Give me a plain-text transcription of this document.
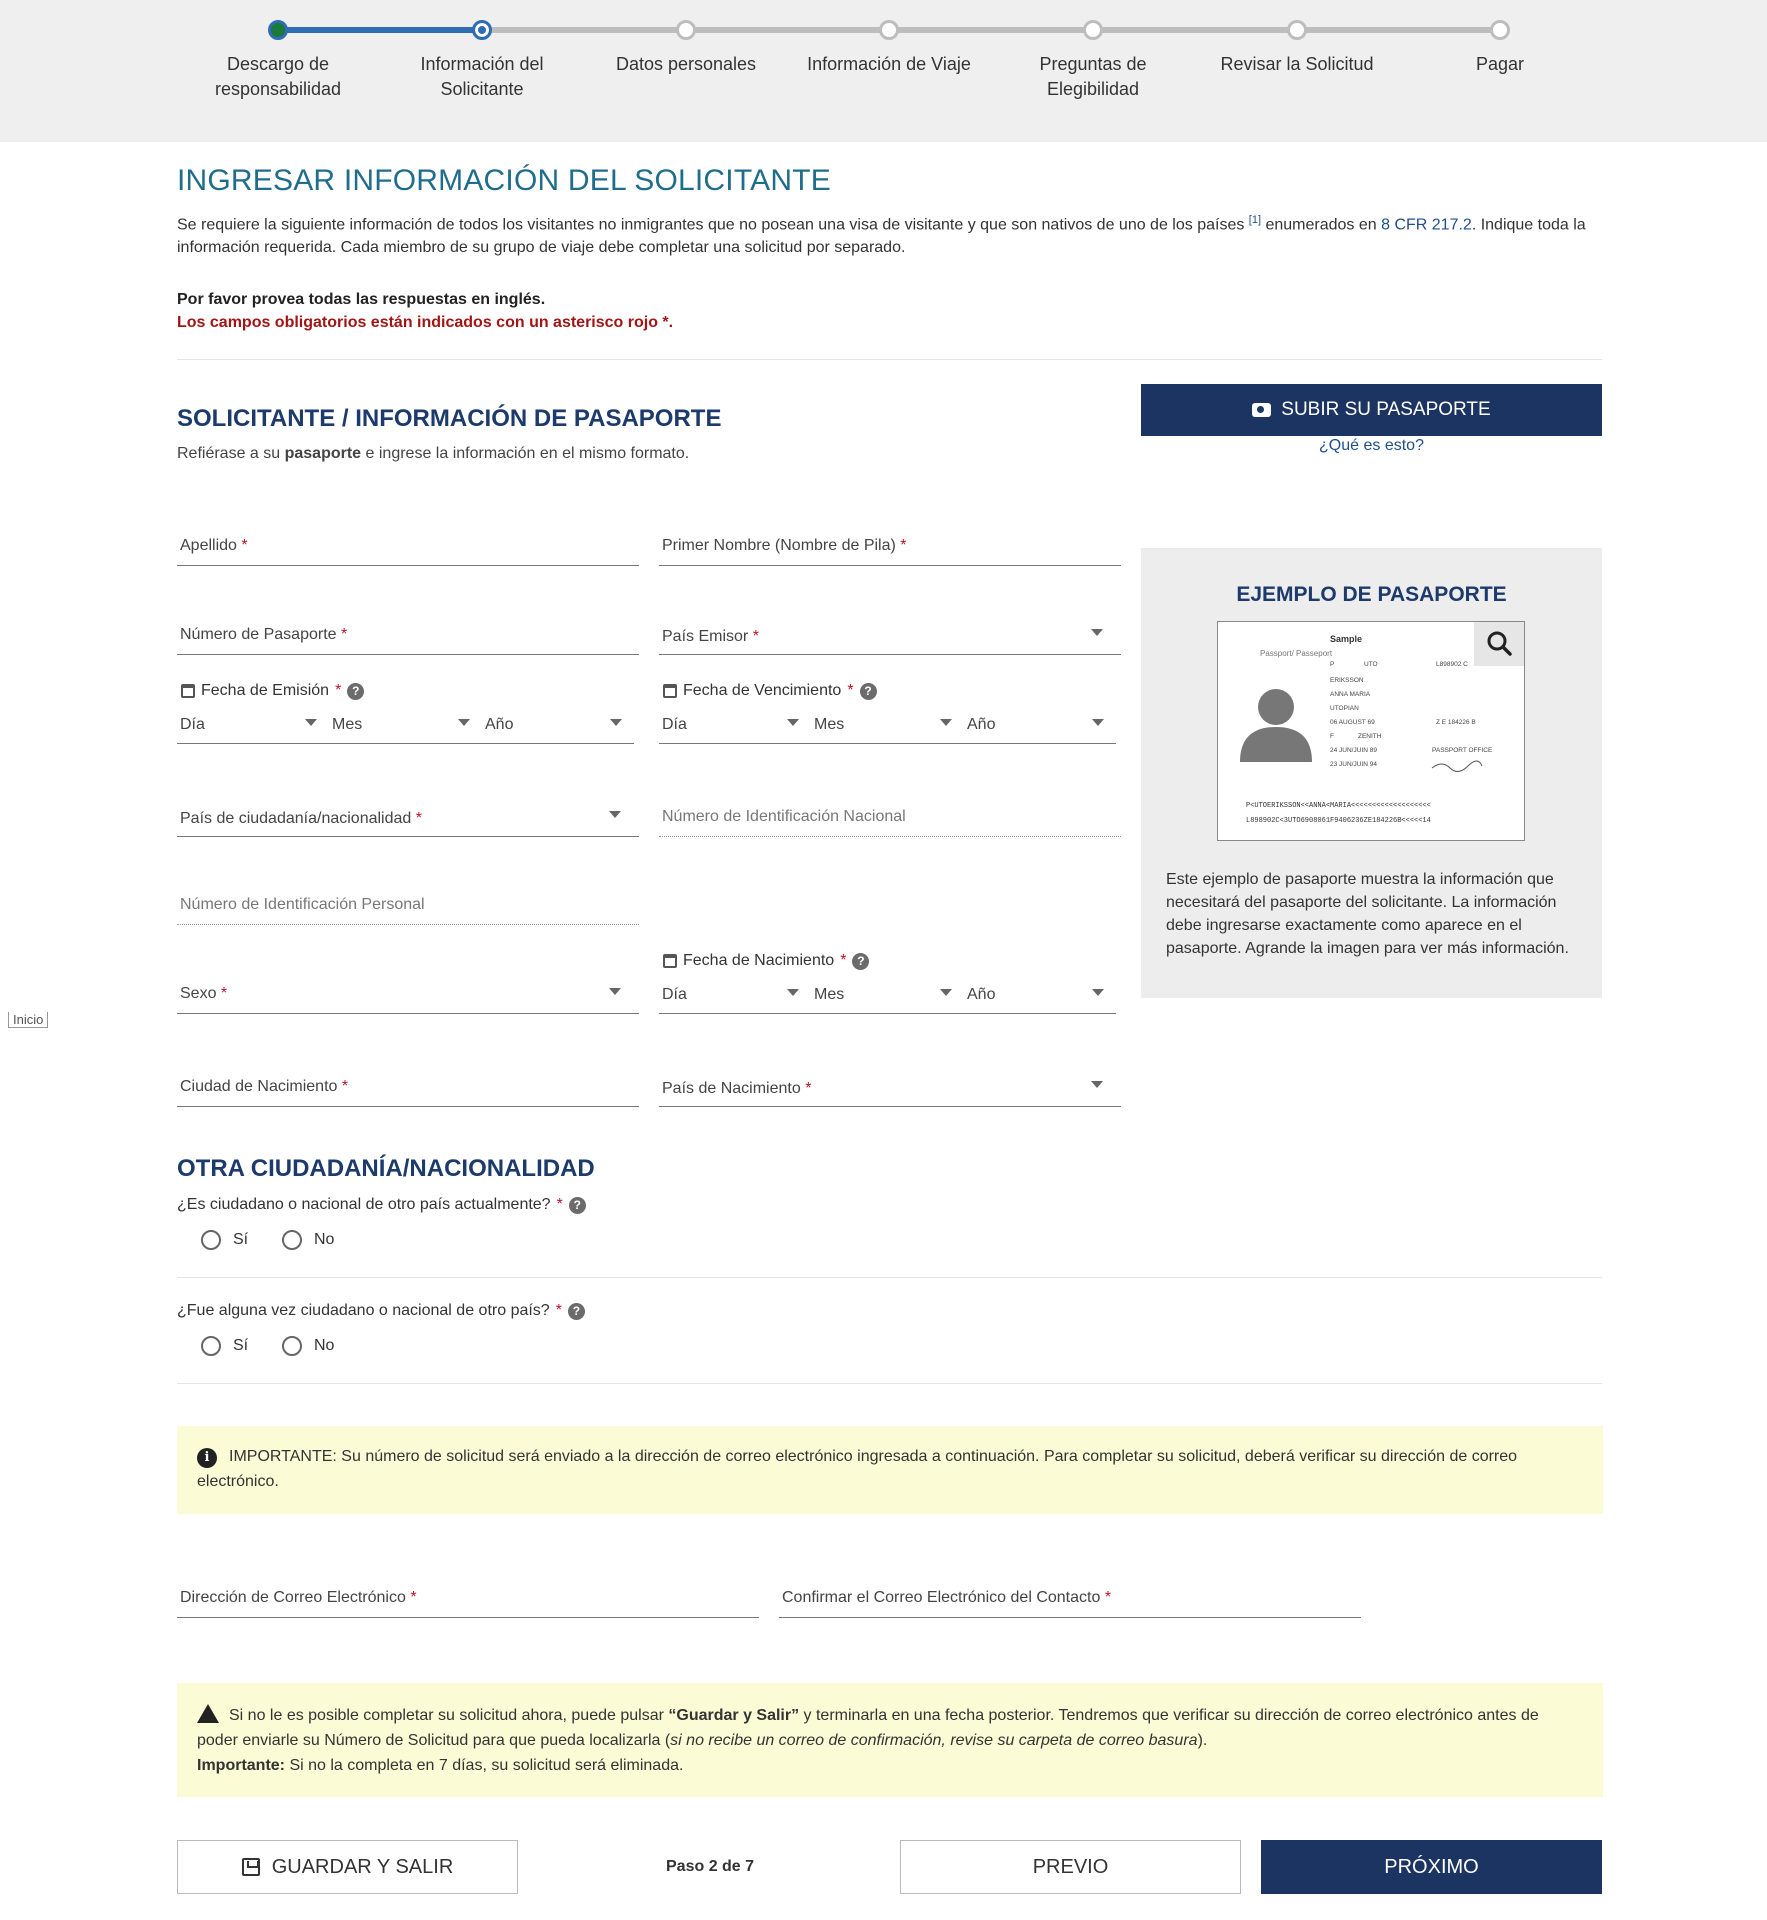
Descargo de responsabilidad
Información del Solicitante
Datos personales	Información de Viaje	Preguntas de Elegibilidad
Revisar la Solicitud	Pagar
INGRESAR INFORMACIÓN DEL SOLICITANTE
Se requiere la siguiente información de todos los visitantes no inmigrantes que no posean una visa de visitante y que son nativos de uno de los países [1] enumerados en 8 CFR 217.2. Indique toda la información requerida. Cada miembro de su grupo de viaje debe completar una solicitud por separado.
Por favor provea todas las respuestas en inglés.
Los campos obligatorios están indicados con un asterisco rojo *.
SOLICITANTE / INFORMACIÓN DE PASAPORTE
Refiérase a su pasaporte e ingrese la información en el mismo formato.
SUBIR SU PASAPORTE
¿Qué es esto?
Apellido *	Primer Nombre (Nombre de Pila) *
Número de Pasaporte *	País Emisor *
Fecha de Emisión * ?
Día	Mes	Año
Fecha de Vencimiento * ?
Día	Mes	Año
País de ciudadanía/nacionalidad *	Número de Identificación Nacional
Número de Identificación Personal
Sexo *
Fecha de Nacimiento * ?
Día	Mes	Año
Ciudad de Nacimiento *	País de Nacimiento *
EJEMPLO DE PASAPORTE
Sample
Passport/ Passeport
P	UTO	L898902 C
ERIKSSON
ANNA MARIA
UTOPIAN
06 AUGUST 69	Z E 184226 B
F	ZENITH
24 JUN/JUIN 89	PASSPORT OFFICE
23 JUN/JUIN 94
P<UTOERIKSSON<<ANNA<MARIA<<<<<<<<<<<<<<<<<<<
L898902C<3UTO6908061F9406236ZE184226B<<<<<14
Este ejemplo de pasaporte muestra la información que necesitará del pasaporte del solicitante. La información debe ingresarse exactamente como aparece en el pasaporte. Agrande la imagen para ver más información.
Inicio
OTRA CIUDADANÍA/NACIONALIDAD
¿Es ciudadano o nacional de otro país actualmente? * ?
Sí	No
¿Fue alguna vez ciudadano o nacional de otro país? * ?
Sí	No
i IMPORTANTE: Su número de solicitud será enviado a la dirección de correo electrónico ingresada a continuación. Para completar su solicitud, deberá verificar su dirección de correo electrónico.
Dirección de Correo Electrónico *	Confirmar el Correo Electrónico del Contacto *
Si no le es posible completar su solicitud ahora, puede pulsar “Guardar y Salir” y terminarla en una fecha posterior. Tendremos que verificar su dirección de correo electrónico antes de poder enviarle su Número de Solicitud para que pueda localizarla (si no recibe un correo de confirmación, revise su carpeta de correo basura).
Importante: Si no la completa en 7 días, su solicitud será eliminada.
GUARDAR Y SALIR	Paso 2 de 7	PREVIO	PRÓXIMO
